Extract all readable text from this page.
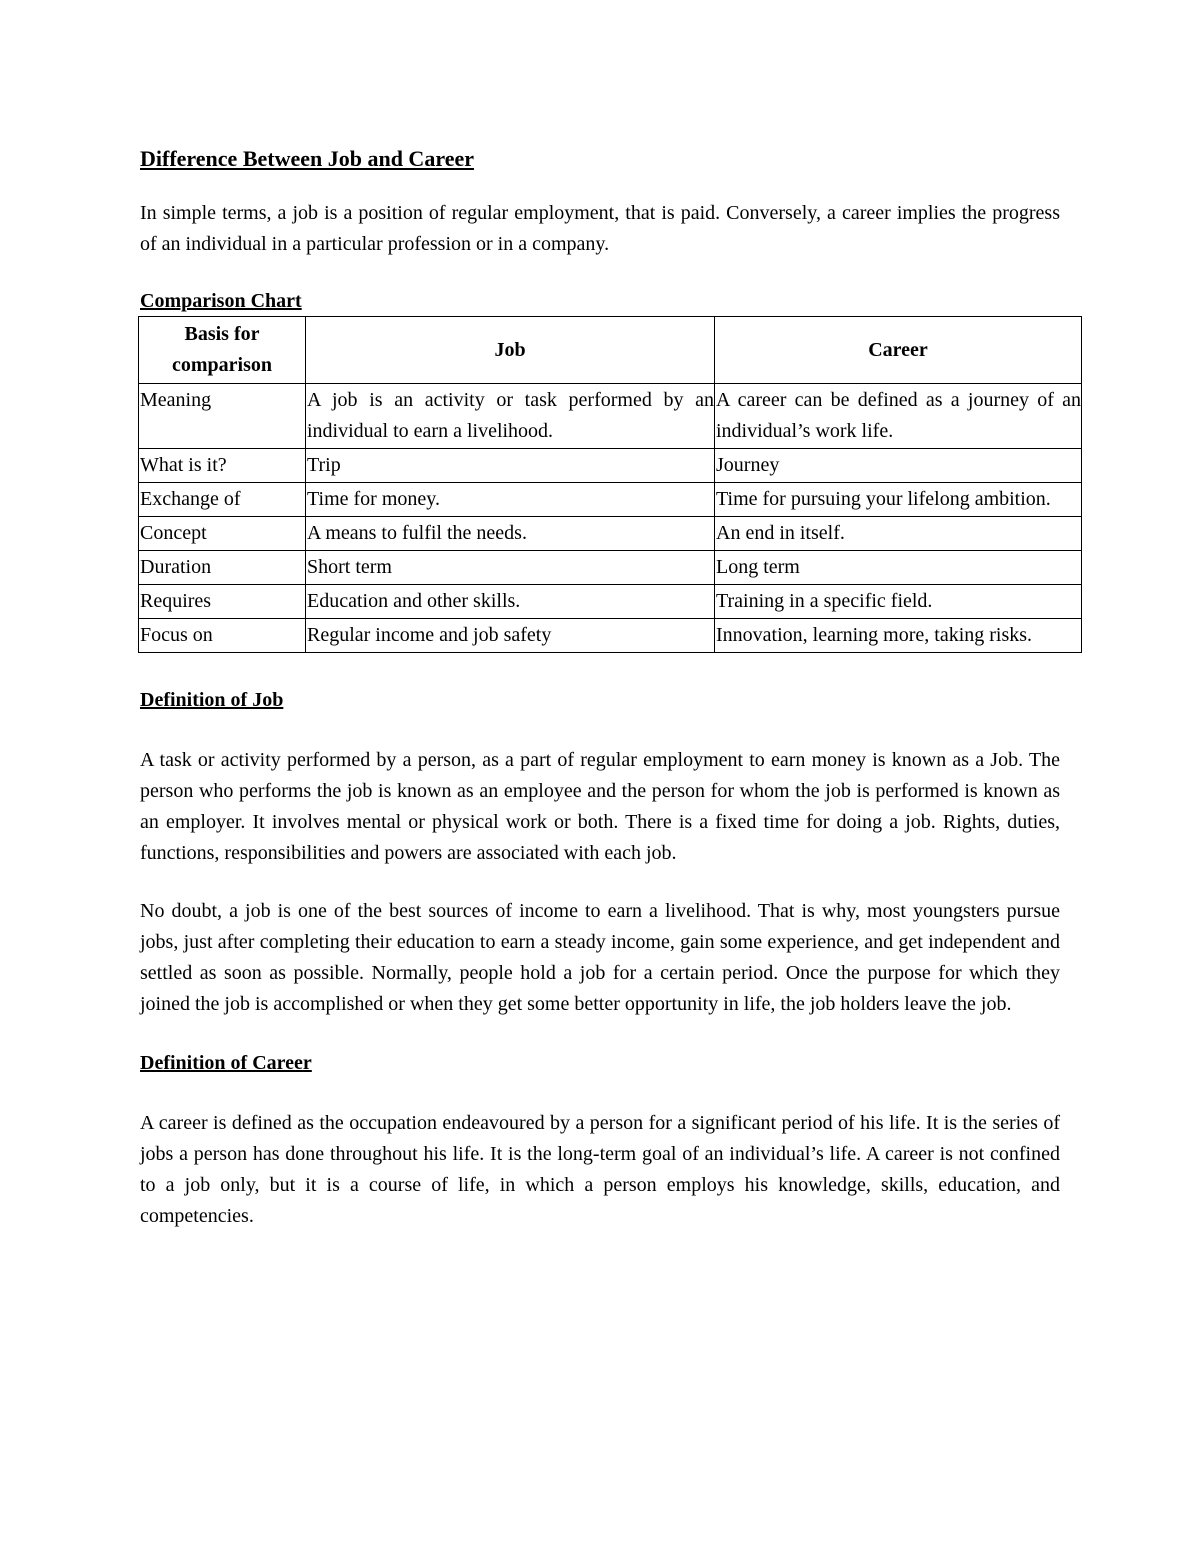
Difference Between Job and Career

In simple terms, a job is a position of regular employment, that is paid. Conversely, a career implies the progress of an individual in a particular profession or in a company.

Comparison Chart
Basis for comparison	Job	Career
Meaning	A job is an activity or task performed by an individual to earn a livelihood.	A career can be defined as a journey of an individual’s work life.
What is it?	Trip	Journey
Exchange of	Time for money.	Time for pursuing your lifelong ambition.
Concept	A means to fulfil the needs.	An end in itself.
Duration	Short term	Long term
Requires	Education and other skills.	Training in a specific field.
Focus on	Regular income and job safety	Innovation, learning more, taking risks.
Definition of Job

A task or activity performed by a person, as a part of regular employment to earn money is known as a Job. The person who performs the job is known as an employee and the person for whom the job is performed is known as an employer. It involves mental or physical work or both. There is a fixed time for doing a job. Rights, duties, functions, responsibilities and powers are associated with each job.

No doubt, a job is one of the best sources of income to earn a livelihood. That is why, most youngsters pursue jobs, just after completing their education to earn a steady income, gain some experience, and get independent and settled as soon as possible. Normally, people hold a job for a certain period. Once the purpose for which they joined the job is accomplished or when they get some better opportunity in life, the job holders leave the job.

Definition of Career

A career is defined as the occupation endeavoured by a person for a significant period of his life. It is the series of jobs a person has done throughout his life. It is the long-term goal of an individual’s life. A career is not confined to a job only, but it is a course of life, in which a person employs his knowledge, skills, education, and competencies.
